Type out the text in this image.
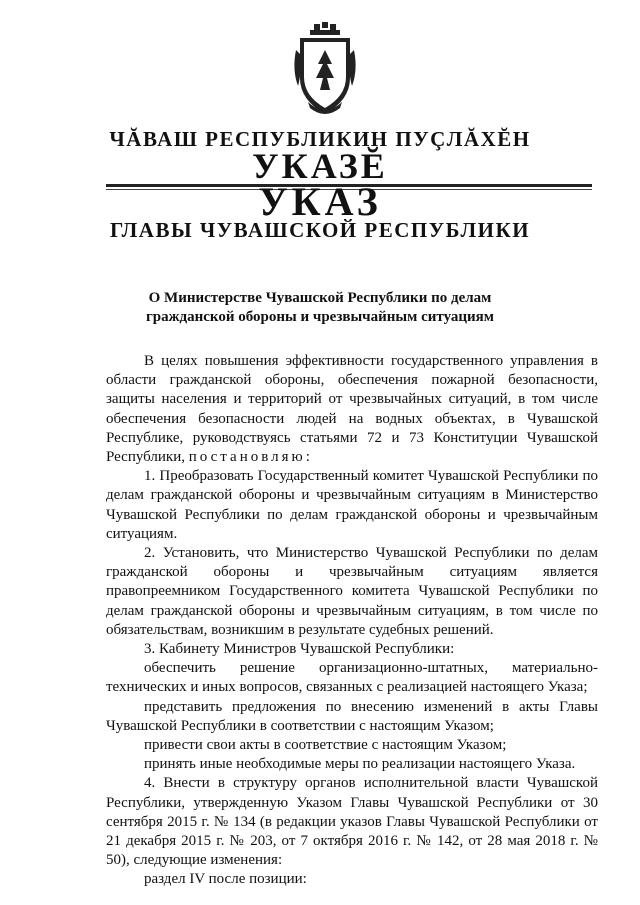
ЧĂВАШ РЕСПУБЛИКИН ПУÇЛĂХĔН
УКАЗĔ
УКАЗ
ГЛАВЫ ЧУВАШСКОЙ РЕСПУБЛИКИ
О Министерстве Чувашской Республики по делам
гражданской обороны и чрезвычайным ситуациям

В целях повышения эффективности государственного управления в области гражданской обороны, обеспечения пожарной безопасности, защиты населения и территорий от чрезвычайных ситуаций, в том числе обеспечения безопасности людей на водных объектах, в Чувашской Республике, руководствуясь статьями 72 и 73 Конституции Чувашской Республики, постановляю:

1. Преобразовать Государственный комитет Чувашской Республики по делам гражданской обороны и чрезвычайным ситуациям в Министерство Чувашской Республики по делам гражданской обороны и чрезвычайным ситуациям.

2. Установить, что Министерство Чувашской Республики по делам гражданской обороны и чрезвычайным ситуациям является правопреемником Государственного комитета Чувашской Республики по делам гражданской обороны и чрезвычайным ситуациям, в том числе по обязательствам, возникшим в результате судебных решений.

3. Кабинету Министров Чувашской Республики:

обеспечить решение организационно-штатных, материально-технических и иных вопросов, связанных с реализацией настоящего Указа;

представить предложения по внесению изменений в акты Главы Чувашской Республики в соответствии с настоящим Указом;

привести свои акты в соответствие с настоящим Указом;

принять иные необходимые меры по реализации настоящего Указа.

4. Внести в структуру органов исполнительной власти Чувашской Республики, утвержденную Указом Главы Чувашской Республики от 30 сентября 2015 г. № 134 (в редакции указов Главы Чувашской Республики от 21 декабря 2015 г. № 203, от 7 октября 2016 г. № 142, от 28 мая 2018 г. № 50), следующие изменения:

раздел IV после позиции:
